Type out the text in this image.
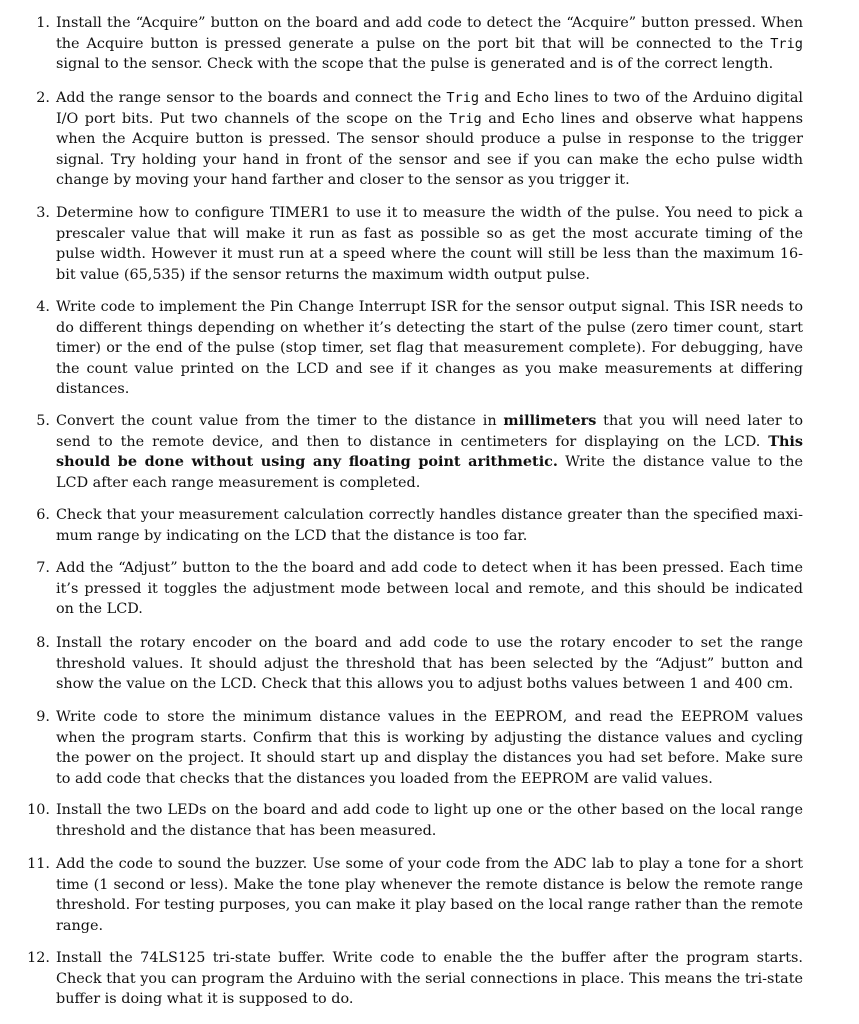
1. Install the “Acquire” button on the board and add code to detect the “Acquire” button pressed. When the Acquire button is pressed generate a pulse on the port bit that will be connected to the Trig signal to the sensor. Check with the scope that the pulse is generated and is of the correct length.
2. Add the range sensor to the boards and connect the Trig and Echo lines to two of the Arduino digital I/O port bits. Put two channels of the scope on the Trig and Echo lines and observe what happens when the Acquire button is pressed. The sensor should produce a pulse in response to the trigger signal. Try holding your hand in front of the sensor and see if you can make the echo pulse width change by moving your hand farther and closer to the sensor as you trigger it.
3. Determine how to configure TIMER1 to use it to measure the width of the pulse. You need to pick a prescaler value that will make it run as fast as possible so as get the most accurate timing of the pulse width. However it must run at a speed where the count will still be less than the maximum 16-bit value (65,535) if the sensor returns the maximum width output pulse.
4. Write code to implement the Pin Change Interrupt ISR for the sensor output signal. This ISR needs to do different things depending on whether it’s detecting the start of the pulse (zero timer count, start timer) or the end of the pulse (stop timer, set flag that measurement complete). For debugging, have the count value printed on the LCD and see if it changes as you make measurements at differing distances.
5. Convert the count value from the timer to the distance in millimeters that you will need later to send to the remote device, and then to distance in centimeters for displaying on the LCD. This should be done without using any floating point arithmetic. Write the distance value to the LCD after each range measurement is completed.
6. Check that your measurement calculation correctly handles distance greater than the specified maximum range by indicating on the LCD that the distance is too far.
7. Add the “Adjust” button to the the board and add code to detect when it has been pressed. Each time it’s pressed it toggles the adjustment mode between local and remote, and this should be indicated on the LCD.
8. Install the rotary encoder on the board and add code to use the rotary encoder to set the range threshold values. It should adjust the threshold that has been selected by the “Adjust” button and show the value on the LCD. Check that this allows you to adjust boths values between 1 and 400 cm.
9. Write code to store the minimum distance values in the EEPROM, and read the EEPROM values when the program starts. Confirm that this is working by adjusting the distance values and cycling the power on the project. It should start up and display the distances you had set before. Make sure to add code that checks that the distances you loaded from the EEPROM are valid values.
10. Install the two LEDs on the board and add code to light up one or the other based on the local range threshold and the distance that has been measured.
11. Add the code to sound the buzzer. Use some of your code from the ADC lab to play a tone for a short time (1 second or less). Make the tone play whenever the remote distance is below the remote range threshold. For testing purposes, you can make it play based on the local range rather than the remote range.
12. Install the 74LS125 tri-state buffer. Write code to enable the the buffer after the program starts. Check that you can program the Arduino with the serial connections in place. This means the tri-state buffer is doing what it is supposed to do.
